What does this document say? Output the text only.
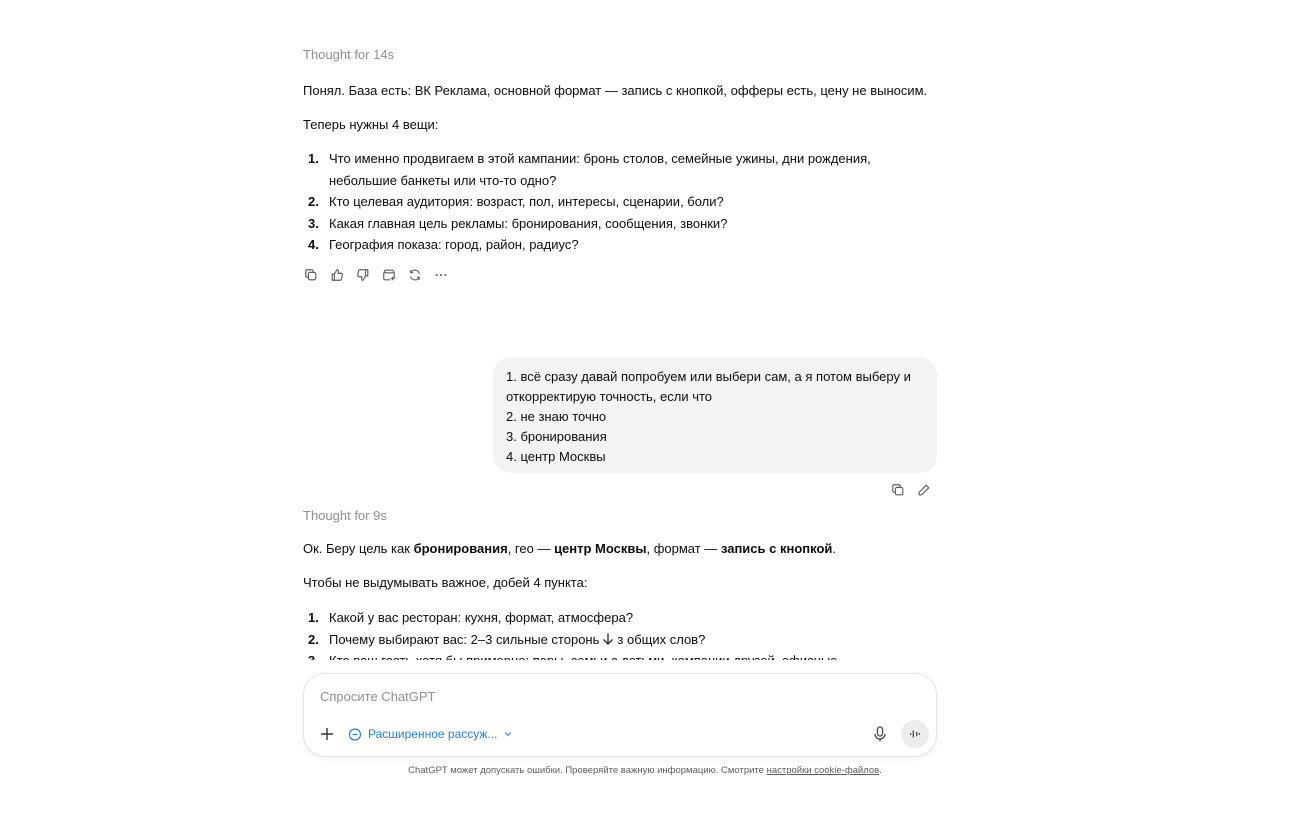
Thought for 14s

Понял. База есть: ВК Реклама, основной формат — запись с кнопкой, офферы есть, цену не выносим.

Теперь нужны 4 вещи:

1. Что именно продвигаем в этой кампании: бронь столов, семейные ужины, дни рождения, небольшие банкеты или что-то одно?
2. Кто целевая аудитория: возраст, пол, интересы, сценарии, боли?
3. Какая главная цель рекламы: бронирования, сообщения, звонки?
4. География показа: город, район, радиус?
1. всё сразу давай попробуем или выбери сам, а я потом выберу и откорректирую точность, если что
2. не знаю точно
3. бронирования
4. центр Москвы
Thought for 9s

Ок. Беру цель как бронирования, гео — центр Москвы, формат — запись с кнопкой.

Чтобы не выдумывать важное, добей 4 пункта:

1. Какой у вас ресторан: кухня, формат, атмосфера?
2. Почему выбирают вас: 2–3 сильные сторонь з общих слов?
Спросите ChatGPT
Расширенное рассуж...
ChatGPT может допускать ошибки. Проверяйте важную информацию. Смотрите настройки cookie-файлов.
